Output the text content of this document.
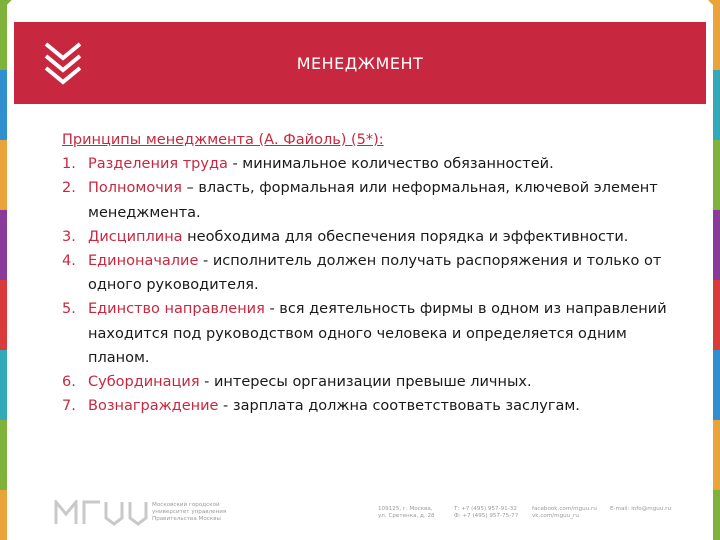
МЕНЕДЖМЕНТ
Принципы менеджмента (А. Файоль) (5*):
1. Разделения труда - минимальное количество обязанностей.
2. Полномочия – власть, формальная или неформальная, ключевой элемент менеджмента.
3. Дисциплина необходима для обеспечения порядка и эффективности.
4. Единоначалие - исполнитель должен получать распоряжения и только от одного руководителя.
5. Единство направления - вся деятельность фирмы в одном из направлений находится под руководством одного человека и определяется одним планом.
6. Субординация - интересы организации превыше личных.
7. Вознаграждение - зарплата должна соответствовать заслугам.
Московский городской
университет управления
Правительства Москвы
109125, г. Москва,
ул. Сретенка, д. 28
Т: +7 (495) 957-91-32
Ф: +7 (495) 957-75-77
facebook.com/mguu.ru
vk.com/mguu_ru
E-mail: info@mguu.ru
